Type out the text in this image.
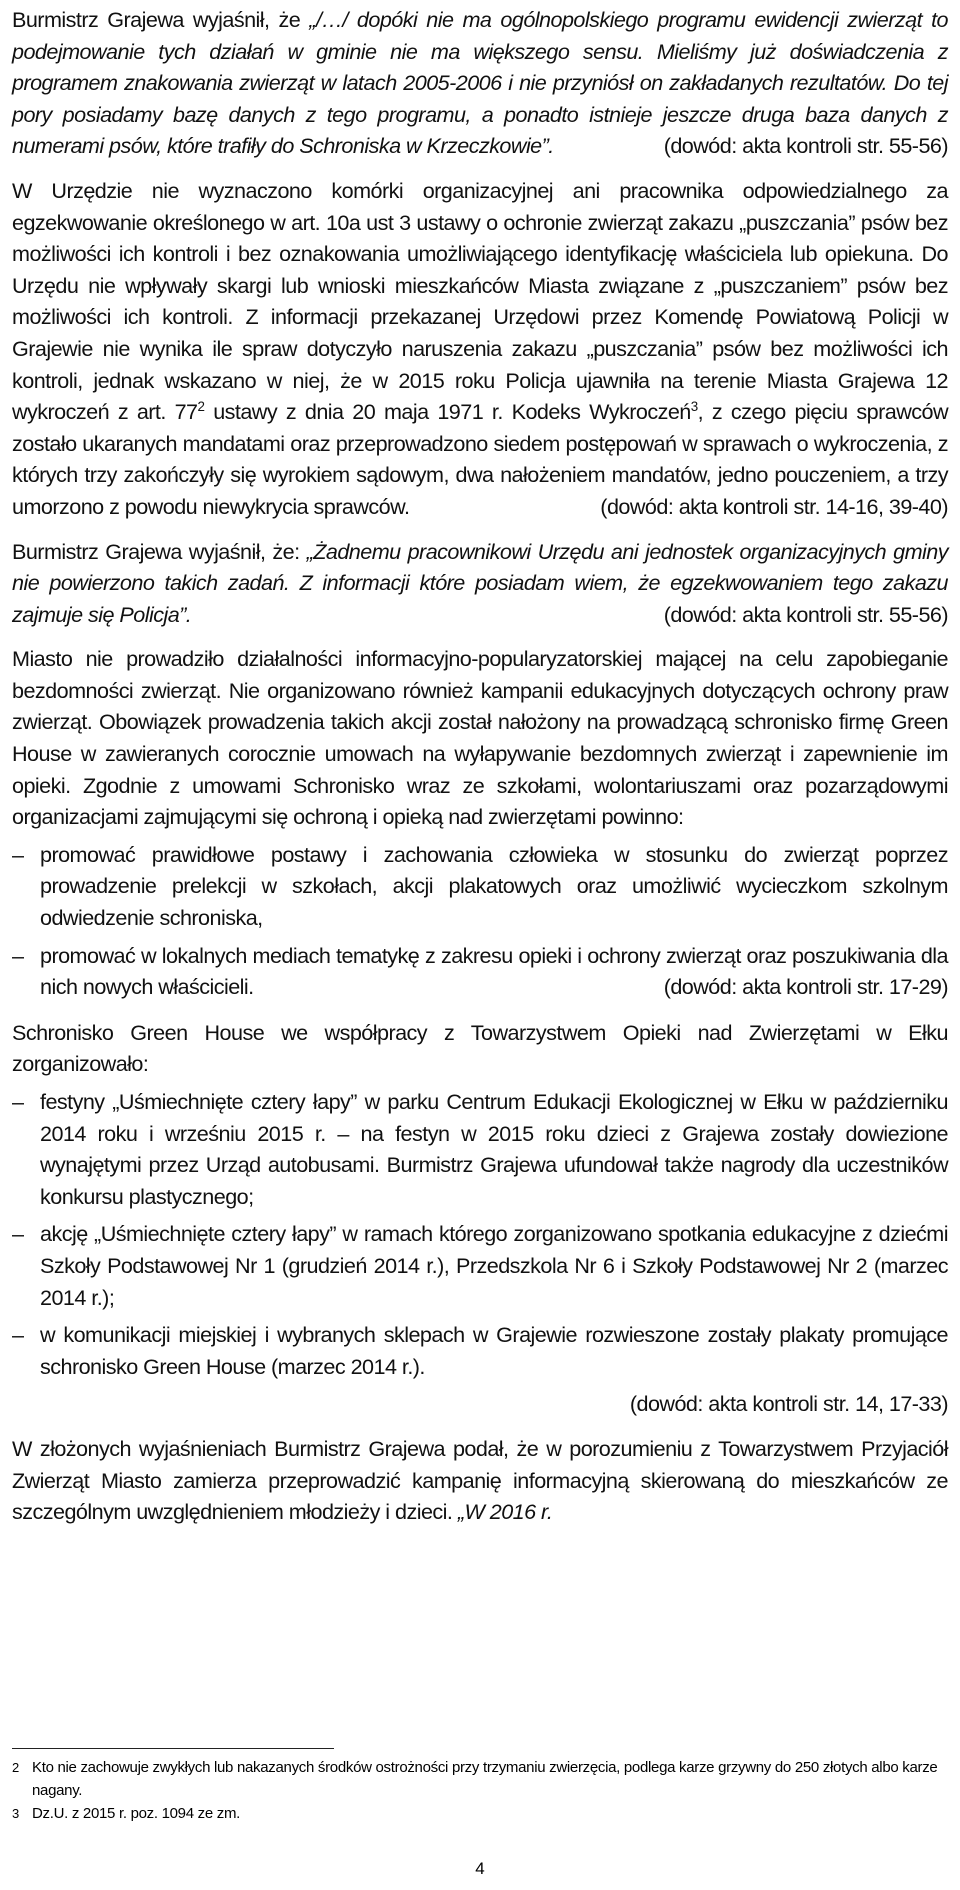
Burmistrz Grajewa wyjaśnił, że „/…/ dopóki nie ma ogólnopolskiego programu ewidencji zwierząt to podejmowanie tych działań w gminie nie ma większego sensu. Mieliśmy już doświadczenia z programem znakowania zwierząt w latach 2005-2006 i nie przyniósł on zakładanych rezultatów. Do tej pory posiadamy bazę danych z tego programu, a ponadto istnieje jeszcze druga baza danych z numerami psów, które trafiły do Schroniska w Krzeczkowie”.	(dowód: akta kontroli str. 55-56)

W Urzędzie nie wyznaczono komórki organizacyjnej ani pracownika odpowiedzialnego za egzekwowanie określonego w art. 10a ust 3 ustawy o ochronie zwierząt zakazu „puszczania” psów bez możliwości ich kontroli i bez oznakowania umożliwiającego identyfikację właściciela lub opiekuna. Do Urzędu nie wpływały skargi lub wnioski mieszkańców Miasta związane z „puszczaniem” psów bez możliwości ich kontroli. Z informacji przekazanej Urzędowi przez Komendę Powiatową Policji w Grajewie nie wynika ile spraw dotyczyło naruszenia zakazu „puszczania” psów bez możliwości ich kontroli, jednak wskazano w niej, że w 2015 roku Policja ujawniła na terenie Miasta Grajewa 12 wykroczeń z art. $77^2$ ustawy z dnia 20 maja 1971 r. Kodeks Wykroczeń$^3$, z czego pięciu sprawców zostało ukaranych mandatami oraz przeprowadzono siedem postępowań w sprawach o wykroczenia, z których trzy zakończyły się wyrokiem sądowym, dwa nałożeniem mandatów, jedno pouczeniem, a trzy umorzono z powodu niewykrycia sprawców.	(dowód: akta kontroli str. 14-16, 39-40)

Burmistrz Grajewa wyjaśnił, że: „Żadnemu pracownikowi Urzędu ani jednostek organizacyjnych gminy nie powierzono takich zadań. Z informacji które posiadam wiem, że egzekwowaniem tego zakazu zajmuje się Policja”.	(dowód: akta kontroli str. 55-56)

Miasto nie prowadziło działalności informacyjno-popularyzatorskiej mającej na celu zapobieganie bezdomności zwierząt. Nie organizowano również kampanii edukacyjnych dotyczących ochrony praw zwierząt. Obowiązek prowadzenia takich akcji został nałożony na prowadzącą schronisko firmę Green House w zawieranych corocznie umowach na wyłapywanie bezdomnych zwierząt i zapewnienie im opieki. Zgodnie z umowami Schronisko wraz ze szkołami, wolontariuszami oraz pozarządowymi organizacjami zajmującymi się ochroną i opieką nad zwierzętami powinno:

– promować prawidłowe postawy i zachowania człowieka w stosunku do zwierząt poprzez prowadzenie prelekcji w szkołach, akcji plakatowych oraz umożliwić wycieczkom szkolnym odwiedzenie schroniska,
– promować w lokalnych mediach tematykę z zakresu opieki i ochrony zwierząt oraz poszukiwania dla nich nowych właścicieli.	(dowód: akta kontroli str. 17-29)

Schronisko Green House we współpracy z Towarzystwem Opieki nad Zwierzętami w Ełku zorganizowało:

– festyny „Uśmiechnięte cztery łapy” w parku Centrum Edukacji Ekologicznej w Ełku w październiku 2014 roku i wrześniu 2015 r. – na festyn w 2015 roku dzieci z Grajewa zostały dowiezione wynajętymi przez Urząd autobusami. Burmistrz Grajewa ufundował także nagrody dla uczestników konkursu plastycznego;
– akcję „Uśmiechnięte cztery łapy” w ramach którego zorganizowano spotkania edukacyjne z dziećmi Szkoły Podstawowej Nr 1 (grudzień 2014 r.), Przedszkola Nr 6 i Szkoły Podstawowej Nr 2 (marzec 2014 r.);
– w komunikacji miejskiej i wybranych sklepach w Grajewie rozwieszone zostały plakaty promujące schronisko Green House (marzec 2014 r.).
(dowód: akta kontroli str. 14, 17-33)

W złożonych wyjaśnieniach Burmistrz Grajewa podał, że w porozumieniu z Towarzystwem Przyjaciół Zwierząt Miasto zamierza przeprowadzić kampanię informacyjną skierowaną do mieszkańców ze szczególnym uwzględnieniem młodzieży i dzieci. „W 2016 r.

2 Kto nie zachowuje zwykłych lub nakazanych środków ostrożności przy trzymaniu zwierzęcia, podlega karze grzywny do 250 złotych albo karze nagany.
3 Dz.U. z 2015 r. poz. 1094 ze zm.
4
